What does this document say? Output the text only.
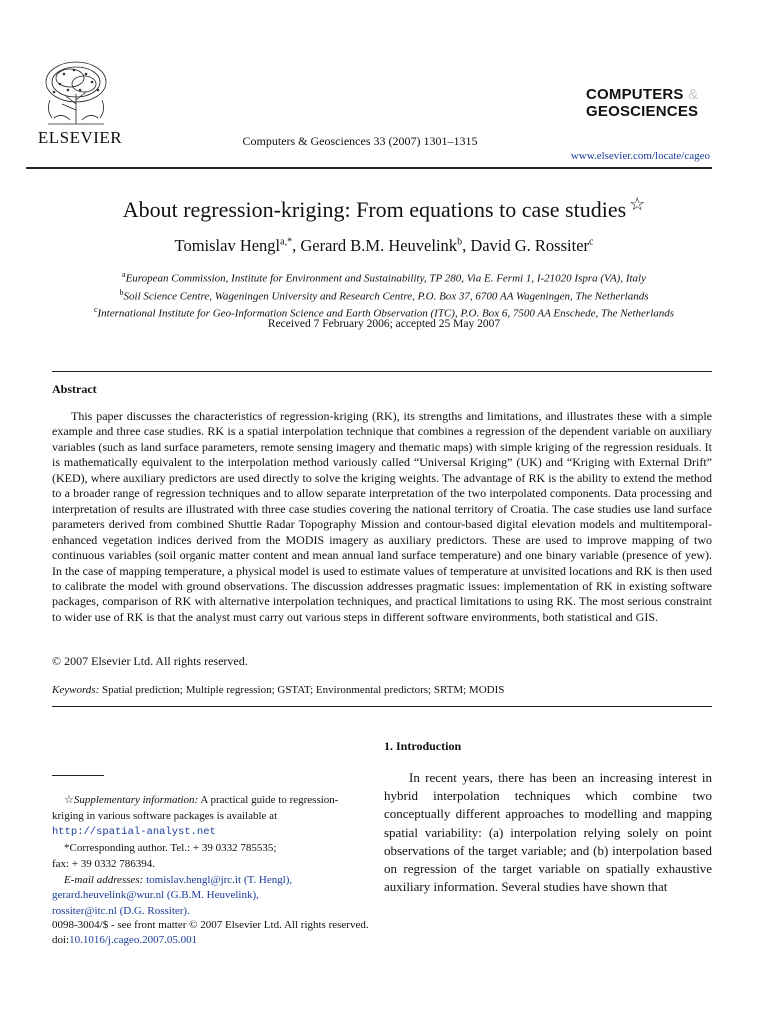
ELSEVIER	Computers & Geosciences 33 (2007) 1301–1315
COMPUTERS &
GEOSCIENCES
www.elsevier.com/locate/cageo
About regression-kriging: From equations to case studies ☆
Tomislav Hengl$^{a,*}$, Gerard B.M. Heuvelink$^b$, David G. Rossiter$^c$
$^a$European Commission, Institute for Environment and Sustainability, TP 280, Via E. Fermi 1, I-21020 Ispra (VA), Italy
$^b$Soil Science Centre, Wageningen University and Research Centre, P.O. Box 37, 6700 AA Wageningen, The Netherlands
$^c$International Institute for Geo-Information Science and Earth Observation (ITC), P.O. Box 6, 7500 AA Enschede, The Netherlands
Received 7 February 2006; accepted 25 May 2007
Abstract

This paper discusses the characteristics of regression-kriging (RK), its strengths and limitations, and illustrates these with a simple example and three case studies. RK is a spatial interpolation technique that combines a regression of the dependent variable on auxiliary variables (such as land surface parameters, remote sensing imagery and thematic maps) with simple kriging of the regression residuals. It is mathematically equivalent to the interpolation method variously called “Universal Kriging” (UK) and “Kriging with External Drift” (KED), where auxiliary predictors are used directly to solve the kriging weights. The advantage of RK is the ability to extend the method to a broader range of regression techniques and to allow separate interpretation of the two interpolated components. Data processing and interpretation of results are illustrated with three case studies covering the national territory of Croatia. The case studies use land surface parameters derived from combined Shuttle Radar Topography Mission and contour-based digital elevation models and multitemporal-enhanced vegetation indices derived from the MODIS imagery as auxiliary predictors. These are used to improve mapping of two continuous variables (soil organic matter content and mean annual land surface temperature) and one binary variable (presence of yew). In the case of mapping temperature, a physical model is used to estimate values of temperature at unvisited locations and RK is then used to calibrate the model with ground observations. The discussion addresses pragmatic issues: implementation of RK in existing software packages, comparison of RK with alternative interpolation techniques, and practical limitations to using RK. The most serious constraint to wider use of RK is that the analyst must carry out various steps in different software environments, both statistical and GIS.

© 2007 Elsevier Ltd. All rights reserved.
Keywords: Spatial prediction; Multiple regression; GSTAT; Environmental predictors; SRTM; MODIS
1. Introduction

In recent years, there has been an increasing interest in hybrid interpolation techniques which combine two conceptually different approaches to modelling and mapping spatial variability: (a) interpolation relying solely on point observations of the target variable; and (b) interpolation based on regression of the target variable on spatially exhaustive auxiliary information. Several studies have shown that

☆Supplementary information: A practical guide to regression-kriging in various software packages is available at http://spatial-analyst.net

*Corresponding author. Tel.: + 39 0332 785535;

fax: + 39 0332 786394.

E-mail addresses: tomislav.hengl@jrc.it (T. Hengl),

gerard.heuvelink@wur.nl (G.B.M. Heuvelink),
rossiter@itc.nl (D.G. Rossiter).
0098-3004/$ - see front matter © 2007 Elsevier Ltd. All rights reserved.
doi:10.1016/j.cageo.2007.05.001
